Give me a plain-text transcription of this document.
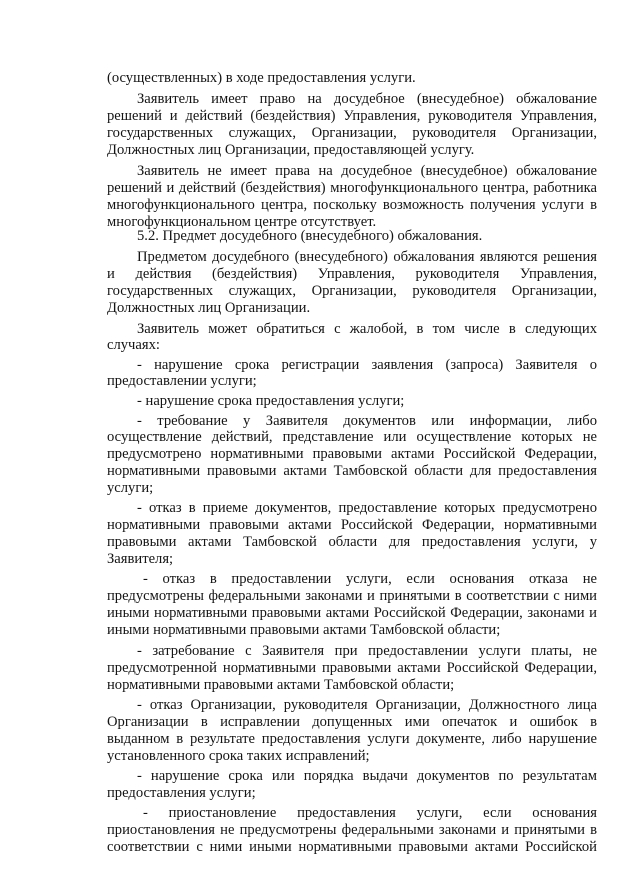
(осуществленных) в ходе предоставления услуги.
Заявитель имеет право на досудебное (внесудебное) обжалование
решений и действий (бездействия) Управления, руководителя Управления,
государственных служащих, Организации, руководителя Организации,
Должностных лиц Организации, предоставляющей услугу.
Заявитель не имеет права на досудебное (внесудебное) обжалование
решений и действий (бездействия) многофункционального центра, работника
многофункционального центра, поскольку возможность получения услуги в
многофункциональном центре отсутствует.
5.2. Предмет досудебного (внесудебного) обжалования.
Предметом досудебного (внесудебного) обжалования являются решения
и действия (бездействия) Управления, руководителя Управления,
государственных служащих, Организации, руководителя Организации,
Должностных лиц Организации.
Заявитель может обратиться с жалобой, в том числе в следующих
случаях:
- нарушение срока регистрации заявления (запроса) Заявителя о
предоставлении услуги;
- нарушение срока предоставления услуги;
- требование у Заявителя документов или информации, либо
осуществление действий, представление или осуществление которых не
предусмотрено нормативными правовыми актами Российской Федерации,
нормативными правовыми актами Тамбовской области для предоставления
услуги;
- отказ в приеме документов, предоставление которых предусмотрено
нормативными правовыми актами Российской Федерации, нормативными
правовыми актами Тамбовской области для предоставления услуги, у
Заявителя;
- отказ в предоставлении услуги, если основания отказа не
предусмотрены федеральными законами и принятыми в соответствии с ними
иными нормативными правовыми актами Российской Федерации, законами и
иными нормативными правовыми актами Тамбовской области;
- затребование с Заявителя при предоставлении услуги платы, не
предусмотренной нормативными правовыми актами Российской Федерации,
нормативными правовыми актами Тамбовской области;
- отказ Организации, руководителя Организации, Должностного лица
Организации в исправлении допущенных ими опечаток и ошибок в
выданном в результате предоставления услуги документе, либо нарушение
установленного срока таких исправлений;
- нарушение срока или порядка выдачи документов по результатам
предоставления услуги;
- приостановление предоставления услуги, если основания
приостановления не предусмотрены федеральными законами и принятыми в
соответствии с ними иными нормативными правовыми актами Российской
